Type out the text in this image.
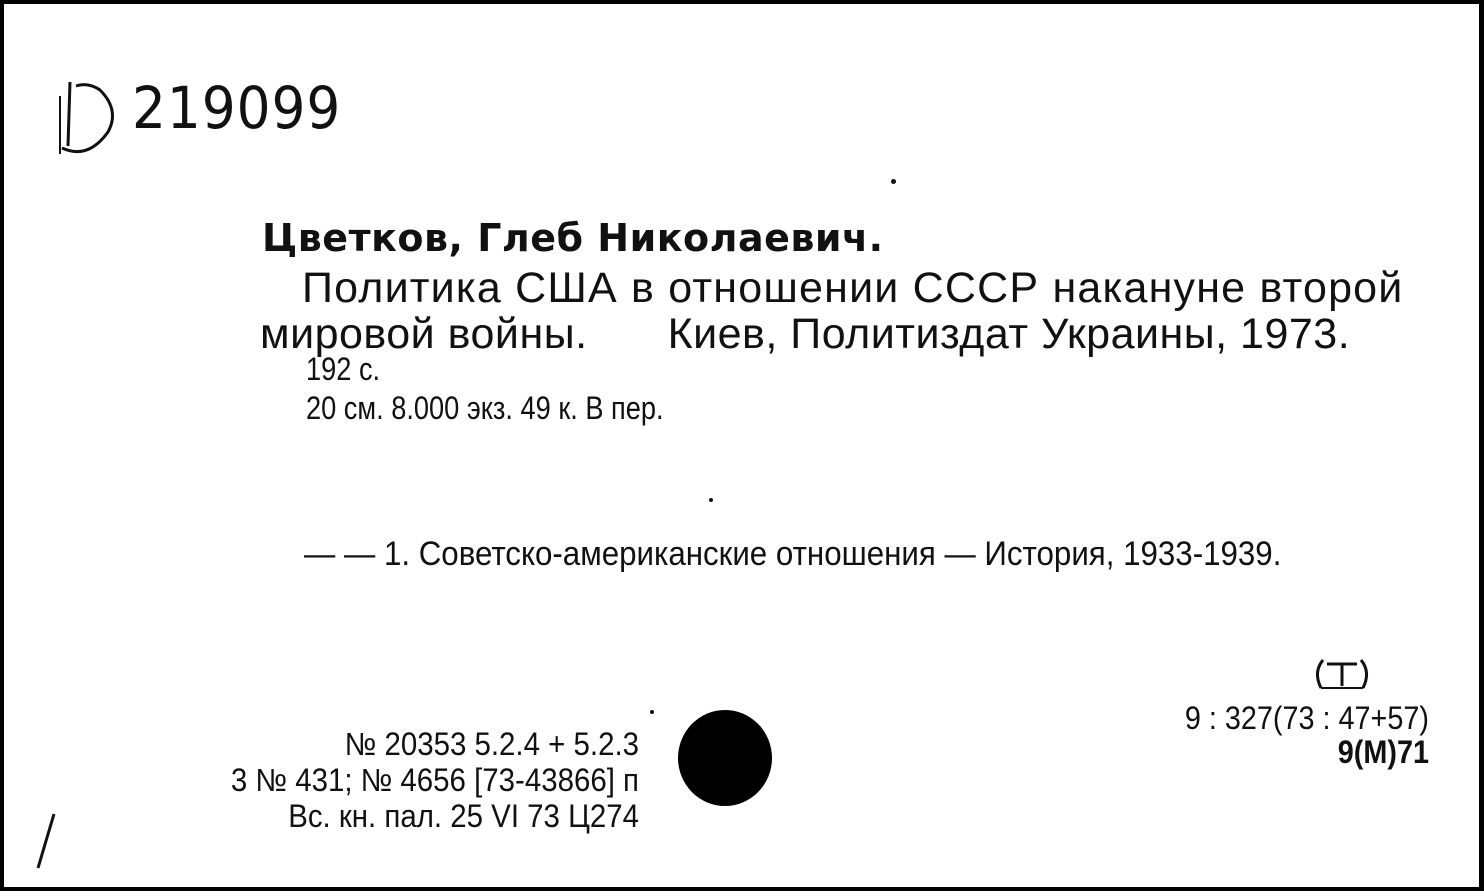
219099
Цветков, Глеб Николаевич.
Политика США в отношении СССР накануне второй
мировой войны. Киев, Политиздат Украины, 1973.
192 с.
20 см. 8.000 экз. 49 к. В пер.
— — 1. Советско-американские отношения — История, 1933-1939.
№ 20353 5.2.4 + 5.2.3
3 № 431; № 4656 [73-43866] п
Вс. кн. пал. 25 VI 73 Ц274
9 : 327(73 : 47+57)
9(M)71
